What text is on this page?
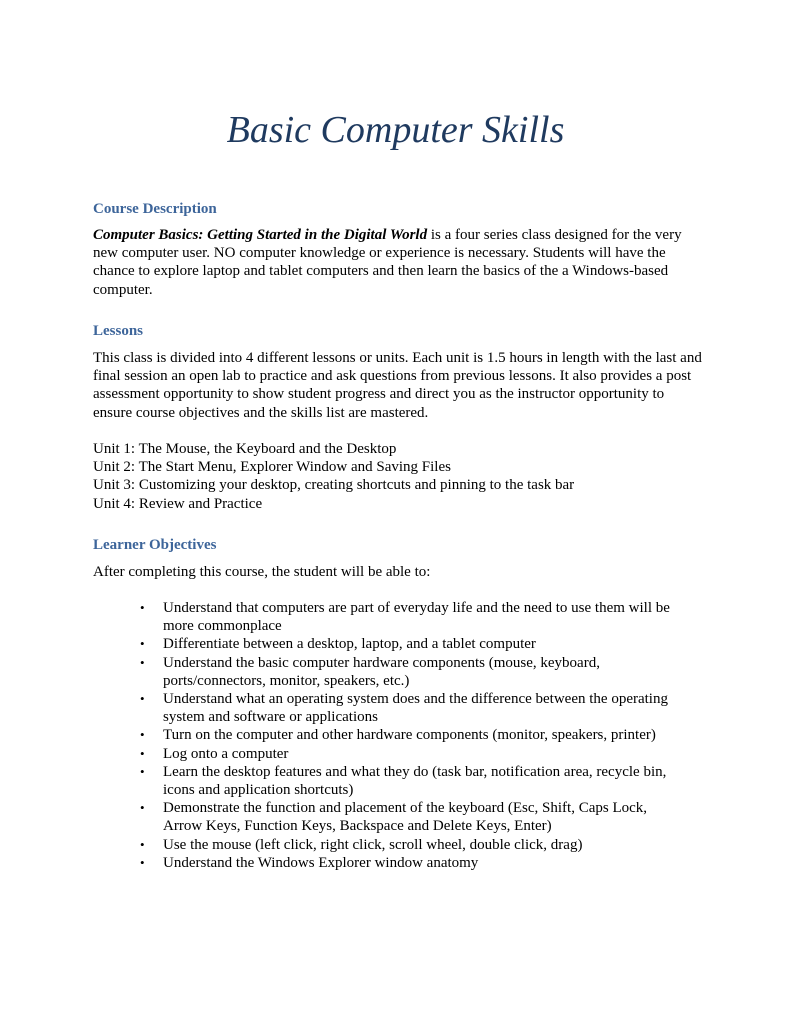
Basic Computer Skills
Course Description

Computer Basics: Getting Started in the Digital World is a four series class designed for the very new computer user. NO computer knowledge or experience is necessary. Students will have the chance to explore laptop and tablet computers and then learn the basics of the a Windows-based computer.

Lessons

This class is divided into 4 different lessons or units. Each unit is 1.5 hours in length with the last and final session an open lab to practice and ask questions from previous lessons. It also provides a post assessment opportunity to show student progress and direct you as the instructor opportunity to ensure course objectives and the skills list are mastered.

Unit 1: The Mouse, the Keyboard and the Desktop
Unit 2: The Start Menu, Explorer Window and Saving Files
Unit 3: Customizing your desktop, creating shortcuts and pinning to the task bar
Unit 4: Review and Practice
Learner Objectives

After completing this course, the student will be able to:

• Understand that computers are part of everyday life and the need to use them will be more commonplace
• Differentiate between a desktop, laptop, and a tablet computer
• Understand the basic computer hardware components (mouse, keyboard, ports/connectors, monitor, speakers, etc.)
• Understand what an operating system does and the difference between the operating system and software or applications
• Turn on the computer and other hardware components (monitor, speakers, printer)
• Log onto a computer
• Learn the desktop features and what they do (task bar, notification area, recycle bin, icons and application shortcuts)
• Demonstrate the function and placement of the keyboard (Esc, Shift, Caps Lock, Arrow Keys, Function Keys, Backspace and Delete Keys, Enter)
• Use the mouse (left click, right click, scroll wheel, double click, drag)
• Understand the Windows Explorer window anatomy
